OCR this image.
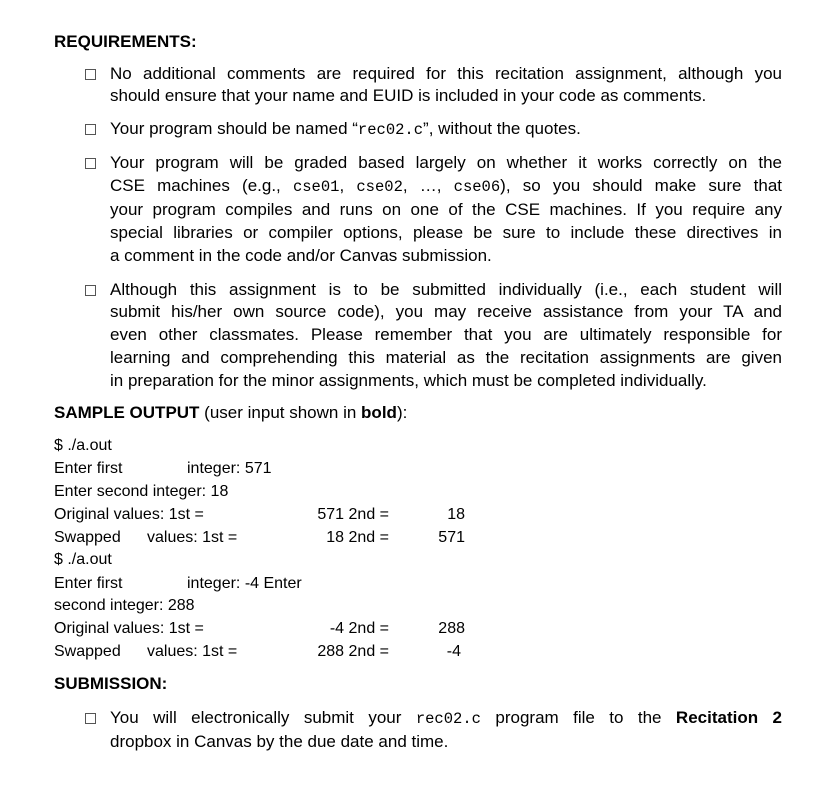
REQUIREMENTS:
No additional comments are required for this recitation assignment, although you
should ensure that your name and EUID is included in your code as comments.
Your program should be named “rec02.c”, without the quotes.
Your program will be graded based largely on whether it works correctly on the
CSE machines (e.g., cse01, cse02, …, cse06), so you should make sure that
your program compiles and runs on one of the CSE machines. If you require any
special libraries or compiler options, please be sure to include these directives in
a comment in the code and/or Canvas submission.
Although this assignment is to be submitted individually (i.e., each student will
submit his/her own source code), you may receive assistance from your TA and
even other classmates. Please remember that you are ultimately responsible for
learning and comprehending this material as the recitation assignments are given
in preparation for the minor assignments, which must be completed individually.
SAMPLE OUTPUT (user input shown in bold):
$ ./a.out
Enter first	integer: 571
Enter second integer: 18
Original values: 1st =	571 2nd =	18
Swapped values: 1st =	18 2nd =	571
$ ./a.out
Enter first	integer: -4 Enter
second integer: 288
Original values: 1st =	-4 2nd =	288
Swapped values: 1st =	288 2nd =	-4
SUBMISSION:
You will electronically submit your rec02.c program file to the Recitation 2
dropbox in Canvas by the due date and time.
